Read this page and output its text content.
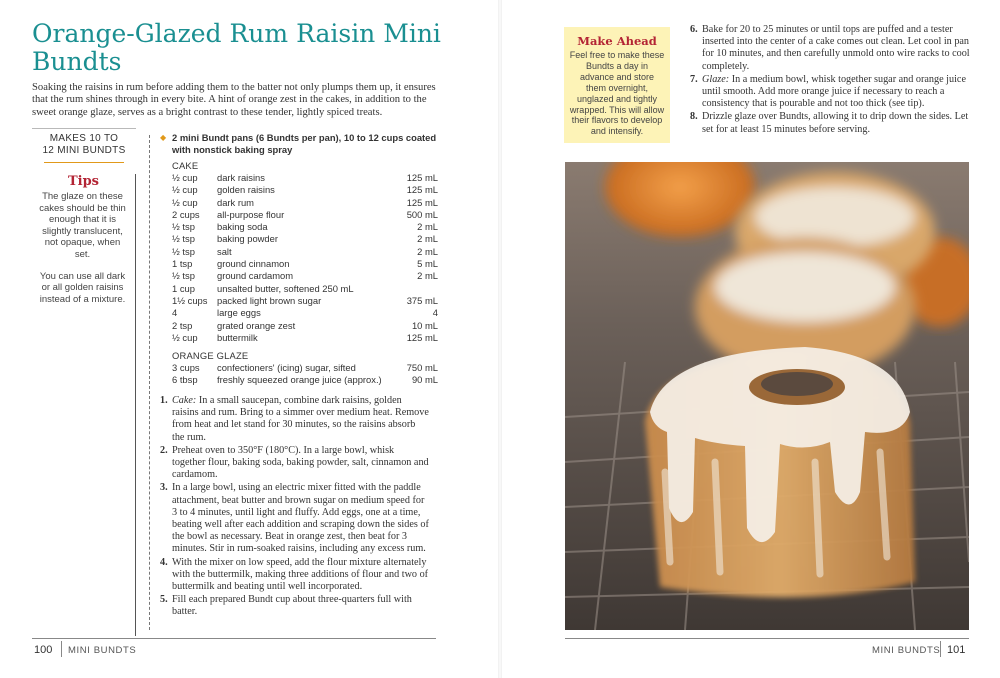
Orange-Glazed Rum Raisin Mini Bundts

Soaking the raisins in rum before adding them to the batter not only plumps them up, it ensures that the rum shines through in every bite. A hint of orange zest in the cakes, in addition to the sweet orange glaze, serves as a bright contrast to these tender, lightly spiced treats.

MAKES 10 TO
12 MINI BUNDTS
Tips

The glaze on these cakes should be thin enough that it is slightly translucent, not opaque, when set.

You can use all dark or all golden raisins instead of a mixture.

◆ 2 mini Bundt pans (6 Bundts per pan), 10 to 12 cups coated with nonstick baking spray
CAKE
½ cup	dark raisins	125 mL
½ cup	golden raisins	125 mL
½ cup	dark rum	125 mL
2 cups	all-purpose flour	500 mL
½ tsp	baking soda	2 mL
½ tsp	baking powder	2 mL
½ tsp	salt	2 mL
1 tsp	ground cinnamon	5 mL
½ tsp	ground cardamom	2 mL
1 cup	unsalted butter, softened 250 mL
1½ cups	packed light brown sugar	375 mL
4	large eggs	4
2 tsp	grated orange zest	10 mL
½ cup	buttermilk	125 mL
ORANGE GLAZE
3 cups	confectioners' (icing) sugar, sifted	750 mL
6 tbsp	freshly squeezed orange juice (approx.)	90 mL
1. Cake: In a small saucepan, combine dark raisins, golden raisins and rum. Bring to a simmer over medium heat. Remove from heat and let stand for 30 minutes, so the raisins absorb the rum.
2. Preheat oven to 350°F (180°C). In a large bowl, whisk together flour, baking soda, baking powder, salt, cinnamon and cardamom.
3. In a large bowl, using an electric mixer fitted with the paddle attachment, beat butter and brown sugar on medium speed for 3 to 4 minutes, until light and fluffy. Add eggs, one at a time, beating well after each addition and scraping down the sides of the bowl as necessary. Beat in orange zest, then beat for 3 minutes. Stir in rum-soaked raisins, including any excess rum.
4. With the mixer on low speed, add the flour mixture alternately with the buttermilk, making three additions of flour and two of buttermilk and beating until well incorporated.
5. Fill each prepared Bundt cup about three-quarters full with batter.
100 MINI BUNDTS
Make Ahead
Feel free to make these Bundts a day in advance and store them overnight, unglazed and tightly wrapped. This will allow their flavors to develop and intensify.
6. Bake for 20 to 25 minutes or until tops are puffed and a tester inserted into the center of a cake comes out clean. Let cool in pan for 10 minutes, and then carefully unmold onto wire racks to cool completely.
7. Glaze: In a medium bowl, whisk together sugar and orange juice until smooth. Add more orange juice if necessary to reach a consistency that is pourable and not too thick (see tip).
8. Drizzle glaze over Bundts, allowing it to drip down the sides. Let set for at least 15 minutes before serving.
MINI BUNDTS 101
